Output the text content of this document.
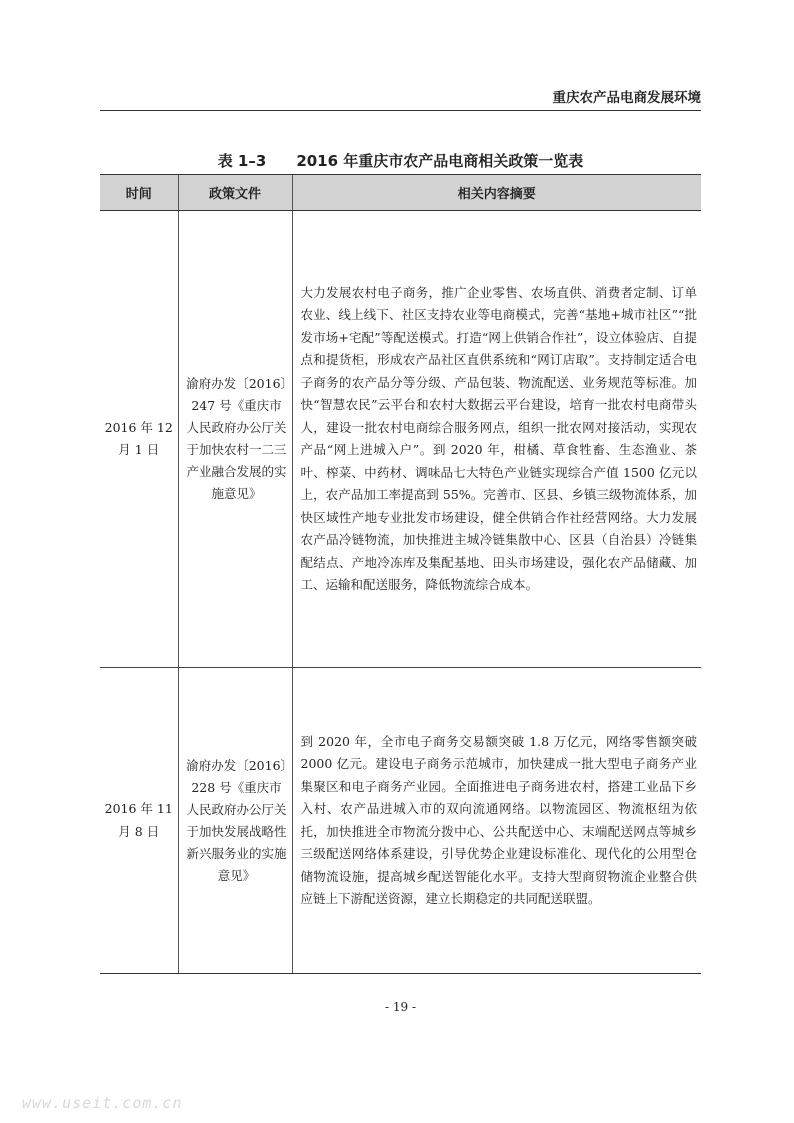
重庆农产品电商发展环境
表 1–3 2016 年重庆市农产品电商相关政策一览表
时间	政策文件	相关内容摘要
2016 年 12 月 1 日	渝府办发〔2016〕247 号《重庆市人民政府办公厅关于加快农村一二三产业融合发展的实施意见》	大力发展农村电子商务，推广企业零售、农场直供、消费者定制、订单农业、线上线下、社区支持农业等电商模式，完善“基地+城市社区”“批发市场+宅配”等配送模式。打造“网上供销合作社”，设立体验店、自提点和提货柜，形成农产品社区直供系统和“网订店取”。支持制定适合电子商务的农产品分等分级、产品包装、物流配送、业务规范等标准。加快“智慧农民”云平台和农村大数据云平台建设，培育一批农村电商带头人，建设一批农村电商综合服务网点，组织一批农网对接活动，实现农产品“网上进城入户”。到 2020 年，柑橘、草食牲畜、生态渔业、茶叶、榨菜、中药材、调味品七大特色产业链实现综合产值 1500 亿元以上，农产品加工率提高到 55%。完善市、区县、乡镇三级物流体系，加快区域性产地专业批发市场建设，健全供销合作社经营网络。大力发展农产品冷链物流，加快推进主城冷链集散中心、区县（自治县）冷链集配结点、产地冷冻库及集配基地、田头市场建设，强化农产品储藏、加工、运输和配送服务，降低物流综合成本。

2016 年 11 月 8 日	渝府办发〔2016〕228 号《重庆市人民政府办公厅关于加快发展战略性新兴服务业的实施意见》	到 2020 年，全市电子商务交易额突破 1.8 万亿元，网络零售额突破 2000 亿元。建设电子商务示范城市，加快建成一批大型电子商务产业集聚区和电子商务产业园。全面推进电子商务进农村，搭建工业品下乡入村、农产品进城入市的双向流通网络。以物流园区、物流枢纽为依托，加快推进全市物流分拨中心、公共配送中心、末端配送网点等城乡三级配送网络体系建设，引导优势企业建设标准化、现代化的公用型仓储物流设施，提高城乡配送智能化水平。支持大型商贸物流企业整合供应链上下游配送资源，建立长期稳定的共同配送联盟。
- 19 -
www.useit.com.cn
